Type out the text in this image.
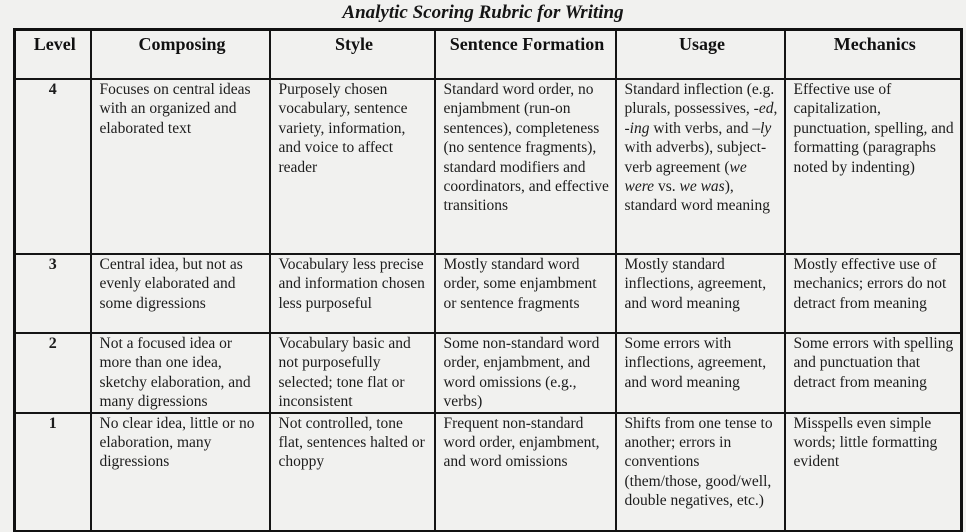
Analytic Scoring Rubric for Writing
Level	Composing	Style	Sentence Formation	Usage	Mechanics
4	Focuses on central ideas with an organized and elaborated text	Purposely chosen vocabulary, sentence variety, information, and voice to affect reader	Standard word order, no enjambment (run-on sentences), completeness (no sentence fragments), standard modifiers and coordinators, and effective transitions	Standard inflection (e.g. plurals, possessives, -ed, -ing with verbs, and –ly with adverbs), subject-verb agreement (we were vs. we was), standard word meaning	Effective use of capitalization, punctuation, spelling, and formatting (paragraphs noted by indenting)
3	Central idea, but not as evenly elaborated and some digressions	Vocabulary less precise and information chosen less purposeful	Mostly standard word order, some enjambment or sentence fragments	Mostly standard inflections, agreement, and word meaning	Mostly effective use of mechanics; errors do not detract from meaning
2	Not a focused idea or more than one idea, sketchy elaboration, and many digressions	Vocabulary basic and not purposefully selected; tone flat or inconsistent	Some non-standard word order, enjambment, and word omissions (e.g., verbs)	Some errors with inflections, agreement, and word meaning	Some errors with spelling and punctuation that detract from meaning
1	No clear idea, little or no elaboration, many digressions	Not controlled, tone flat, sentences halted or choppy	Frequent non-standard word order, enjambment, and word omissions	Shifts from one tense to another; errors in conventions (them/those, good/well, double negatives, etc.)	Misspells even simple words; little formatting evident
